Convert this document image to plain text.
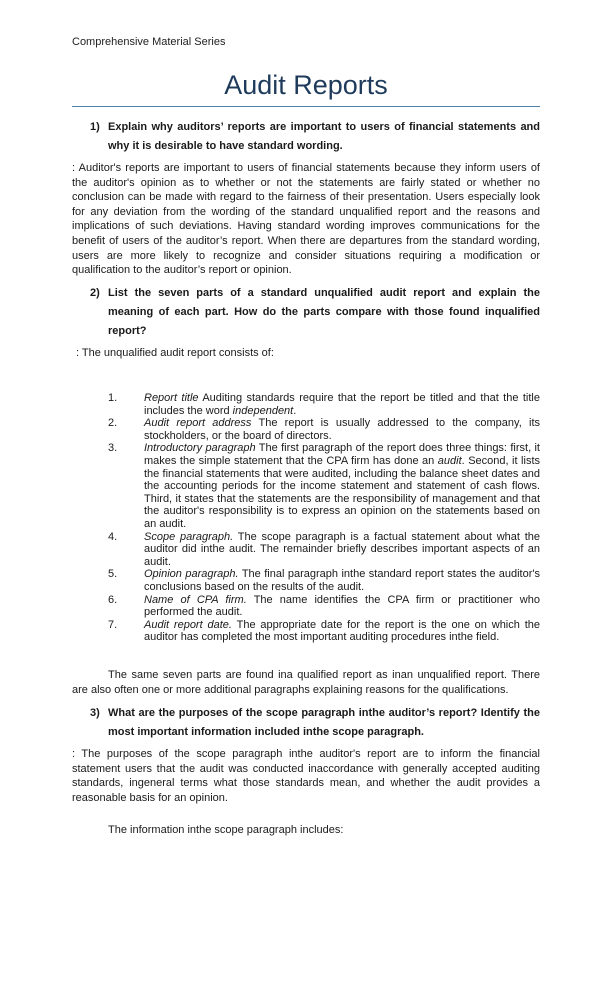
Comprehensive Material Series
Audit Reports
1) Explain why auditors’ reports are important to users of financial statements and why it is desirable to have standard wording.
: Auditor's reports are important to users of financial statements because they inform users of the auditor's opinion as to whether or not the statements are fairly stated or whether no conclusion can be made with regard to the fairness of their presentation. Users especially look for any deviation from the wording of the standard unqualified report and the reasons and implications of such deviations. Having standard wording improves communications for the benefit of users of the auditor’s report. When there are departures from the standard wording, users are more likely to recognize and consider situations requiring a modification or qualification to the auditor’s report or opinion.
2) List the seven parts of a standard unqualified audit report and explain the meaning of each part. How do the parts compare with those found inqualified report?
: The unqualified audit report consists of:
1. Report title Auditing standards require that the report be titled and that the title includes the word independent.
2. Audit report address The report is usually addressed to the company, its stockholders, or the board of directors.
3. Introductory paragraph The first paragraph of the report does three things: first, it makes the simple statement that the CPA firm has done an audit. Second, it lists the financial statements that were audited, including the balance sheet dates and the accounting periods for the income statement and statement of cash flows. Third, it states that the statements are the responsibility of management and that the auditor's responsibility is to express an opinion on the statements based on an audit.
4. Scope paragraph. The scope paragraph is a factual statement about what the auditor did inthe audit. The remainder briefly describes important aspects of an audit.
5. Opinion paragraph. The final paragraph inthe standard report states the auditor's conclusions based on the results of the audit.
6. Name of CPA firm. The name identifies the CPA firm or practitioner who performed the audit.
7. Audit report date. The appropriate date for the report is the one on which the auditor has completed the most important auditing procedures inthe field.
The same seven parts are found ina qualified report as inan unqualified report. There are also often one or more additional paragraphs explaining reasons for the qualifications.
3) What are the purposes of the scope paragraph inthe auditor’s report? Identify the most important information included inthe scope paragraph.
: The purposes of the scope paragraph inthe auditor's report are to inform the financial statement users that the audit was conducted inaccordance with generally accepted auditing standards, ingeneral terms what those standards mean, and whether the audit provides a reasonable basis for an opinion.
The information inthe scope paragraph includes:
